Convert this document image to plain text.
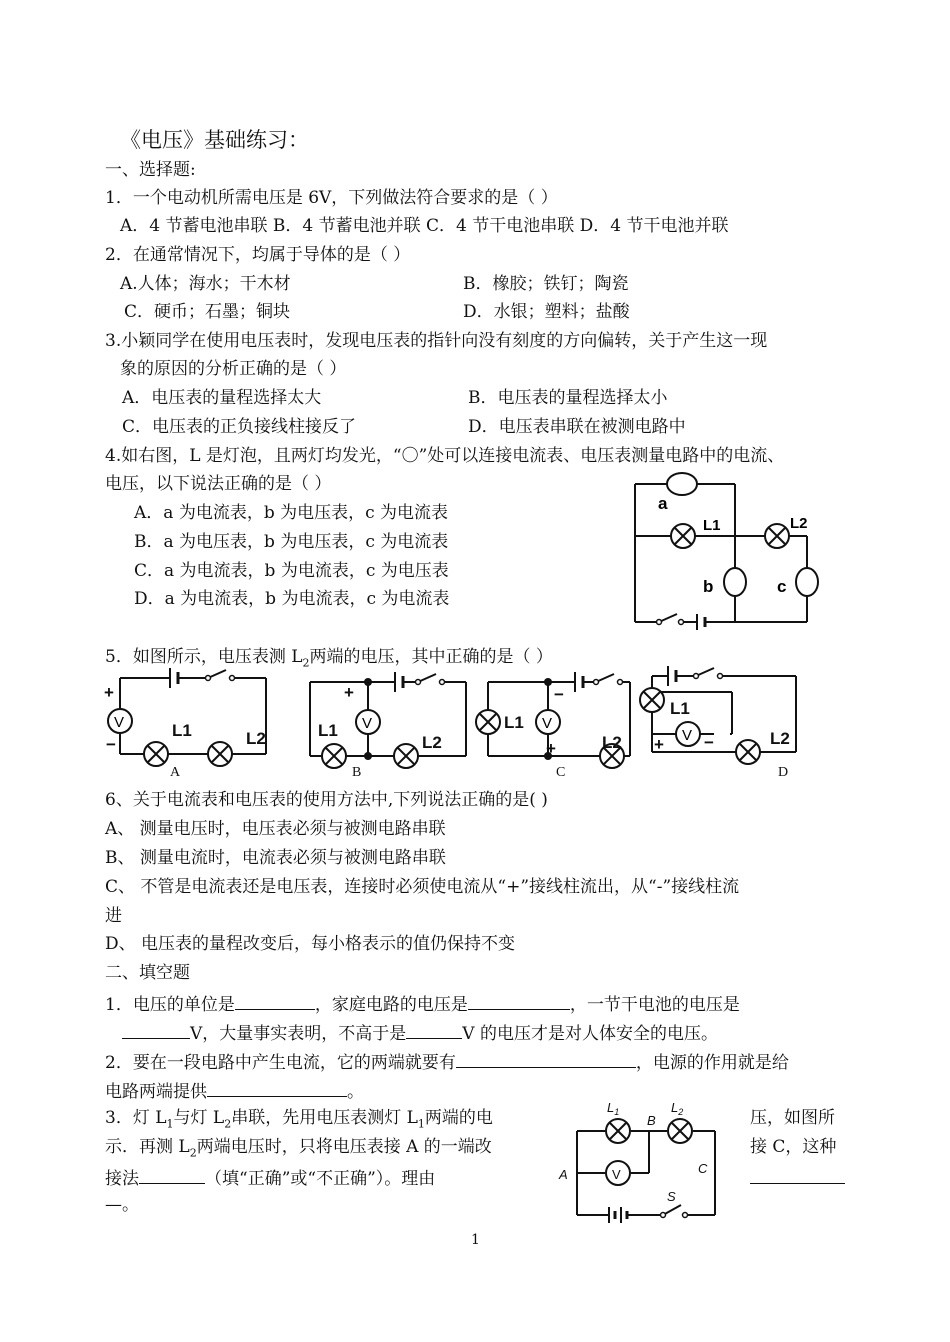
《电压》基础练习：
一、选择题:
1．一个电动机所需电压是 6V，下列做法符合要求的是（ ）
A．4 节蓄电池串联 B．4 节蓄电池并联 C．4 节干电池串联 D．4 节干电池并联
2．在通常情况下，均属于导体的是（ ）
A.人体；海水；干木材	B．橡胶；铁钉；陶瓷
C．硬币；石墨；铜块	D．水银；塑料；盐酸
3.小颖同学在使用电压表时，发现电压表的指针向没有刻度的方向偏转，关于产生这一现
象的原因的分析正确的是（ ）
A．电压表的量程选择太大	B．电压表的量程选择太小
C．电压表的正负接线柱接反了	D．电压表串联在被测电路中
4.如右图，L 是灯泡，且两灯均发光，“〇”处可以连接电流表、电压表测量电路中的电流、
电压，以下说法正确的是（ ）
A．a 为电流表，b 为电压表，c 为电流表
B．a 为电压表，b 为电压表，c 为电流表
C．a 为电流表，b 为电流表，c 为电压表
D．a 为电流表，b 为电流表，c 为电流表
a
L1	L2
b	c
5．如图所示，电压表测 $L_2$两端的电压，其中正确的是（ ）
V	V	V
V
+
−
L1	L2
+
L1
L2
−
L1
+	L2
L1
+ −	L2
A	B	C	D
6、关于电流表和电压表的使用方法中,下列说法正确的是( )
A、 测量电压时，电压表必须与被测电路串联
B、 测量电流时，电流表必须与被测电路串联
C、 不管是电流表还是电压表，连接时必须使电流从“+”接线柱流出，从“-”接线柱流
进
D、 电压表的量程改变后，每小格表示的值仍保持不变
二、填空题
1．电压的单位是	，家庭电路的电压是	，一节干电池的电压是
V，大量事实表明，不高于是	V 的电压才是对人体安全的电压。
2．要在一段电路中产生电流，它的两端就要有	，电源的作用就是给
电路两端提供	。
3．灯 $L_1$与灯 $L_2$串联，先用电压表测灯 $L_1$两端的电	压，如图所
示．再测 $L_2$两端电压时，只将电压表接 A 的一端改	接 C，这种
接法	（填“正确”或“不正确”）。理由
—。
V
$L_1$	$L_2$
B
A	C
S
1
